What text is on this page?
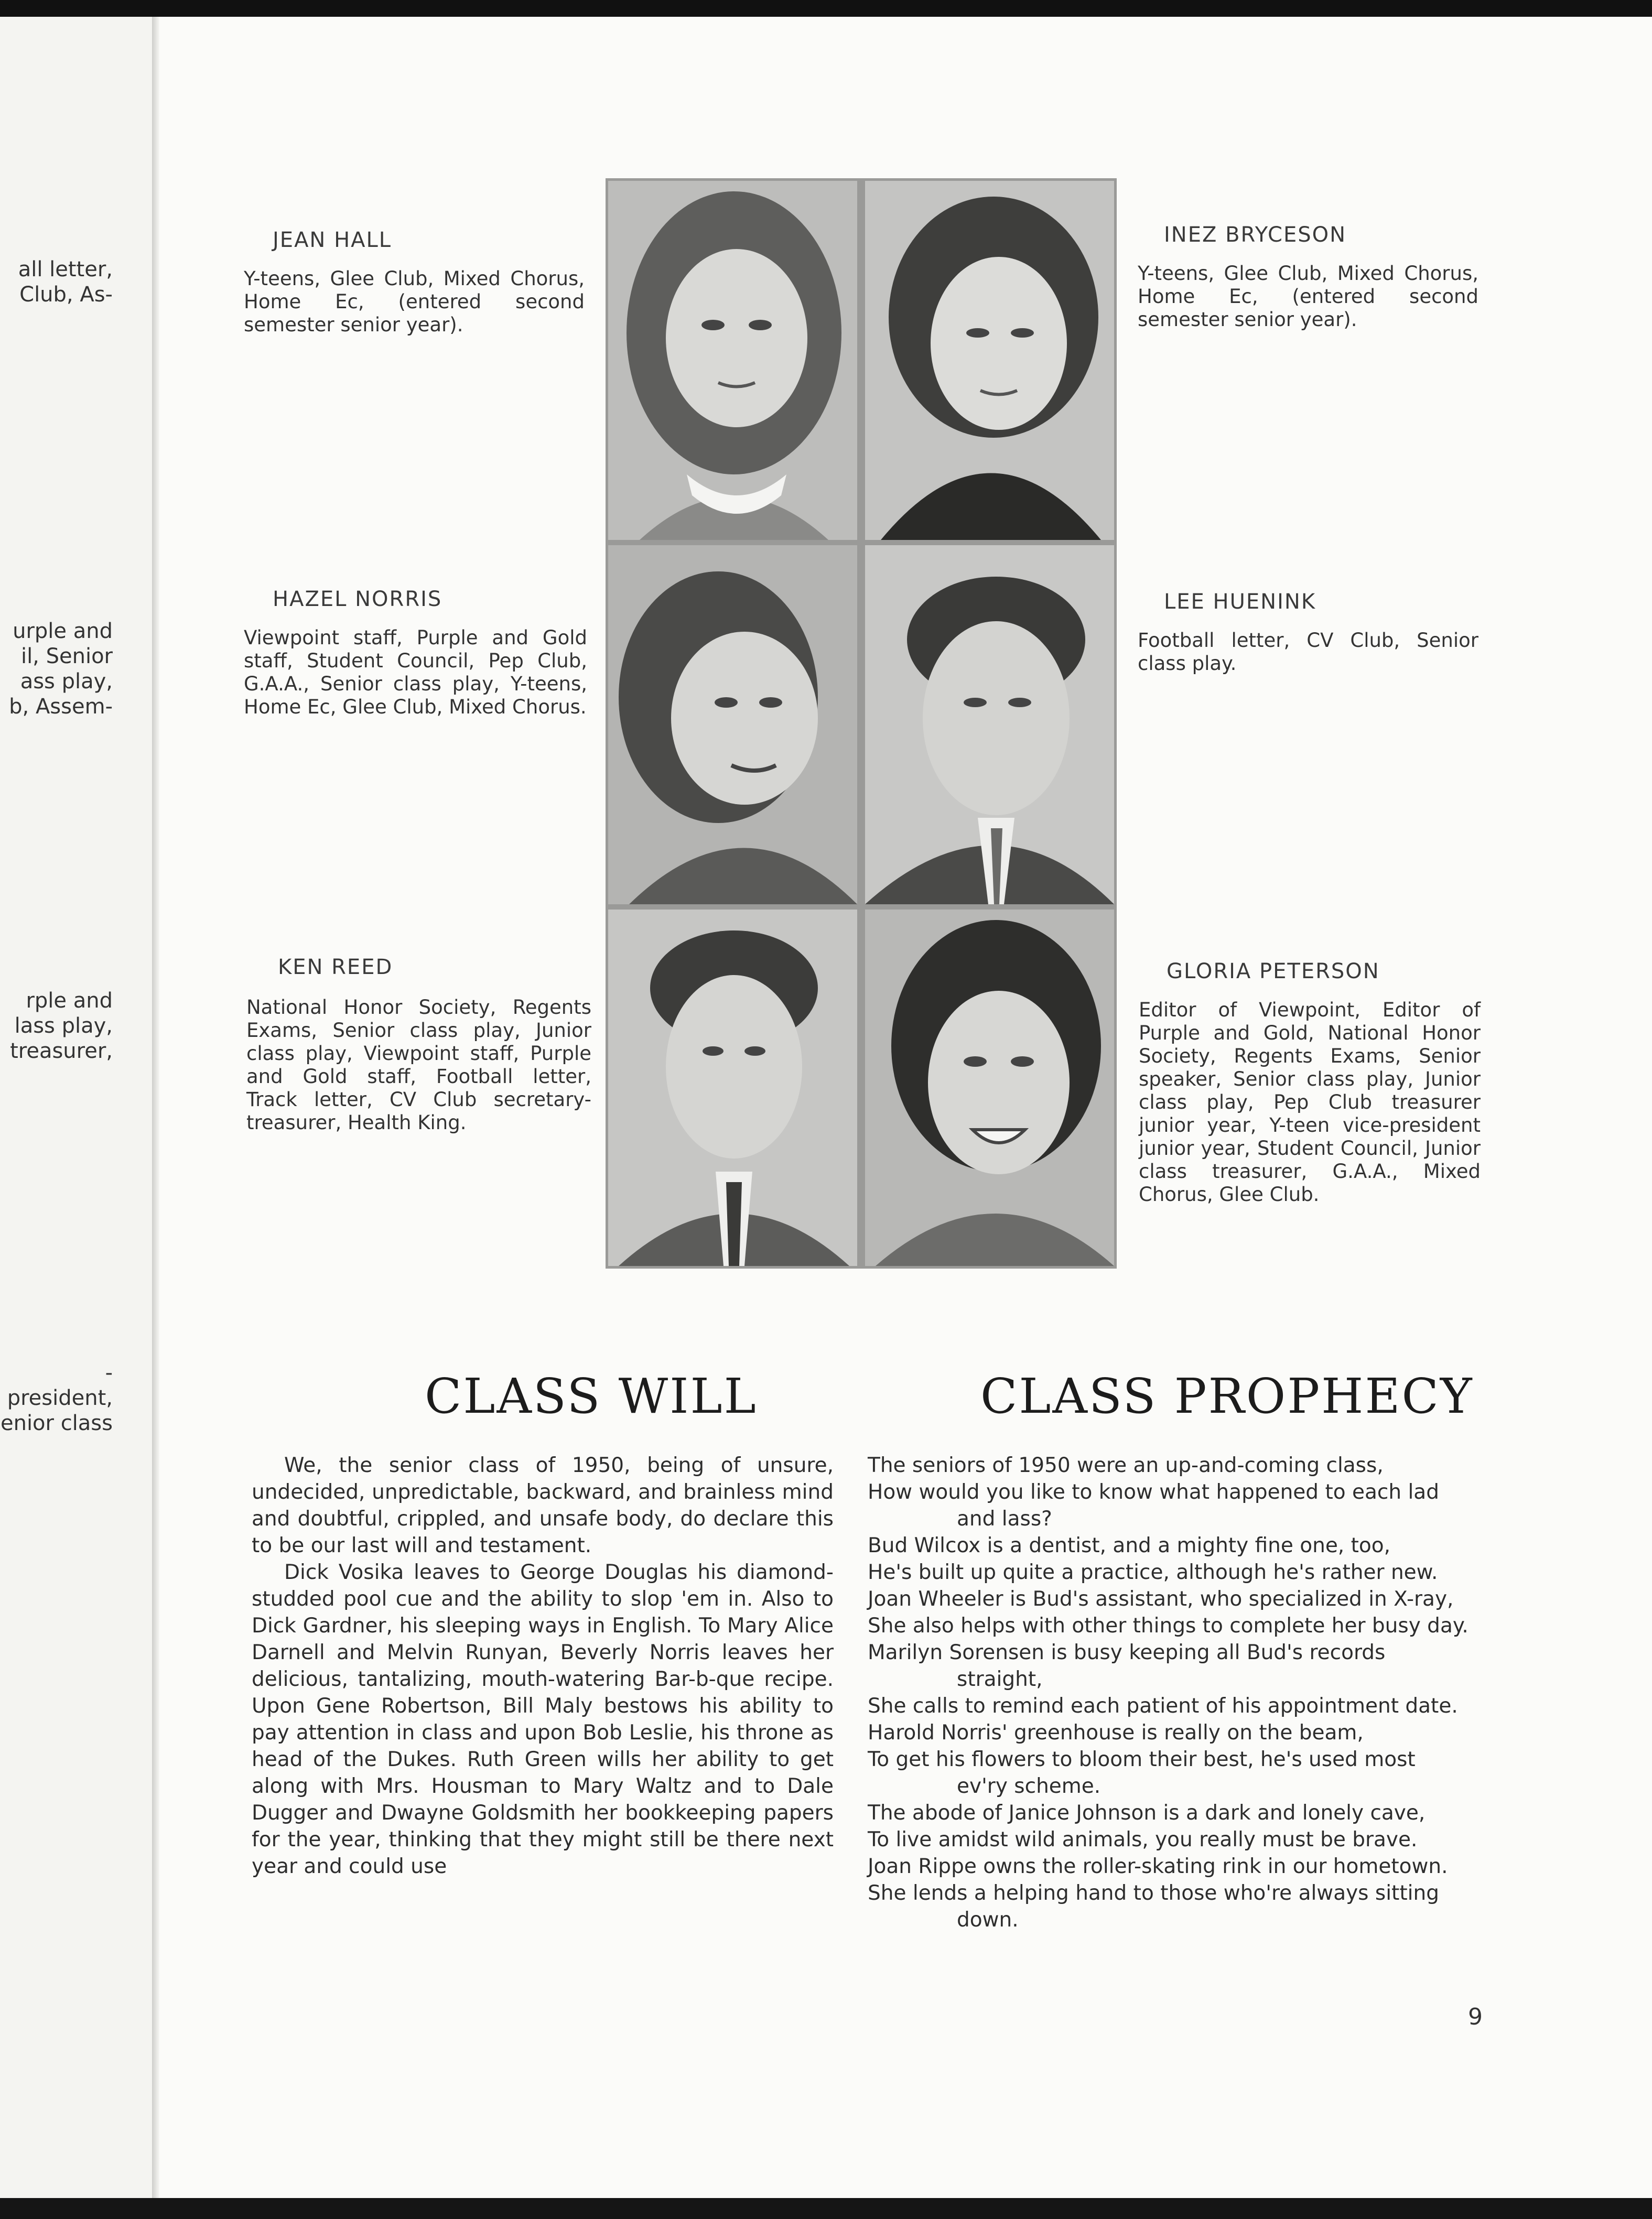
all letter,
Club, As-
urple and
il, Senior
ass play,
b, Assem-
rple and
lass play,
treasurer,
-president,
enior class
JEAN HALL
Y-teens, Glee Club, Mixed Chorus, Home Ec, (entered second semester senior year).
INEZ BRYCESON
Y-teens, Glee Club, Mixed Chorus, Home Ec, (entered second semester senior year).
HAZEL NORRIS
Viewpoint staff, Purple and Gold staff, Student Council, Pep Club, G.A.A., Senior class play, Y-teens, Home Ec, Glee Club, Mixed Chorus.
LEE HUENINK
Football letter, CV Club, Senior class play.
KEN REED
National Honor Society, Regents Exams, Senior class play, Junior class play, Viewpoint staff, Purple and Gold staff, Football letter, Track letter, CV Club secretary-treasurer, Health King.
GLORIA PETERSON
Editor of Viewpoint, Editor of Purple and Gold, National Honor Society, Regents Exams, Senior speaker, Senior class play, Junior class play, Pep Club treasurer junior year, Y-teen vice-president junior year, Student Council, Junior class treasurer, G.A.A., Mixed Chorus, Glee Club.
CLASS WILL

We, the senior class of 1950, being of unsure, undecided, unpredictable, backward, and brainless mind and doubtful, crippled, and unsafe body, do declare this to be our last will and testament.

Dick Vosika leaves to George Douglas his diamond-studded pool cue and the ability to slop 'em in. Also to Dick Gardner, his sleeping ways in English. To Mary Alice Darnell and Melvin Runyan, Beverly Norris leaves her delicious, tantalizing, mouth-watering Bar-b-que recipe. Upon Gene Robertson, Bill Maly bestows his ability to pay attention in class and upon Bob Leslie, his throne as head of the Dukes. Ruth Green wills her ability to get along with Mrs. Housman to Mary Waltz and to Dale Dugger and Dwayne Goldsmith her bookkeeping papers for the year, thinking that they might still be there next year and could use

CLASS PROPHECY
The seniors of 1950 were an up-and-coming class,
How would you like to know what happened to each lad
and lass?
Bud Wilcox is a dentist, and a mighty fine one, too,
He's built up quite a practice, although he's rather new.
Joan Wheeler is Bud's assistant, who specialized in X-ray,
She also helps with other things to complete her busy day.
Marilyn Sorensen is busy keeping all Bud's records
straight,
She calls to remind each patient of his appointment date.
Harold Norris' greenhouse is really on the beam,
To get his flowers to bloom their best, he's used most
ev'ry scheme.
The abode of Janice Johnson is a dark and lonely cave,
To live amidst wild animals, you really must be brave.
Joan Rippe owns the roller-skating rink in our hometown.
She lends a helping hand to those who're always sitting
down.
9
